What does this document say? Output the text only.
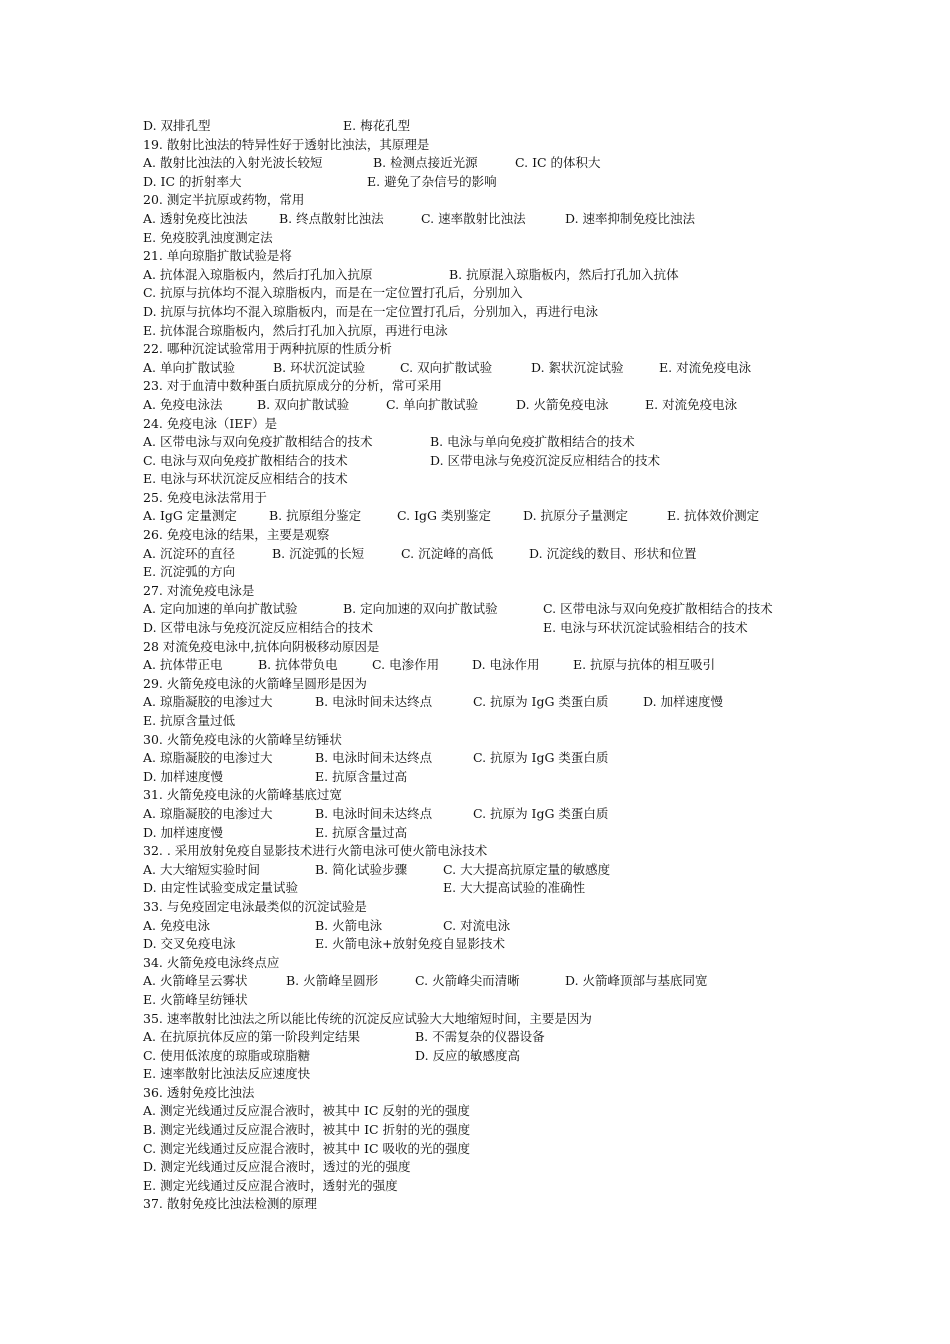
D. 双排孔型	E. 梅花孔型
19. 散射比浊法的特异性好于透射比浊法，其原理是
A. 散射比浊法的入射光波长较短	B. 检测点接近光源	C. IC 的体积大
D. IC 的折射率大	E. 避免了杂信号的影响
20. 测定半抗原或药物，常用
A. 透射免疫比浊法	B. 终点散射比浊法	C. 速率散射比浊法	D. 速率抑制免疫比浊法
E. 免疫胶乳浊度测定法
21. 单向琼脂扩散试验是将
A. 抗体混入琼脂板内，然后打孔加入抗原	B. 抗原混入琼脂板内，然后打孔加入抗体
C. 抗原与抗体均不混入琼脂板内，而是在一定位置打孔后，分别加入
D. 抗原与抗体均不混入琼脂板内，而是在一定位置打孔后，分别加入，再进行电泳
E. 抗体混合琼脂板内，然后打孔加入抗原，再进行电泳
22. 哪种沉淀试验常用于两种抗原的性质分析
A. 单向扩散试验	B. 环状沉淀试验	C. 双向扩散试验	D. 絮状沉淀试验	E. 对流免疫电泳
23. 对于血清中数种蛋白质抗原成分的分析，常可采用
A. 免疫电泳法	B. 双向扩散试验	C. 单向扩散试验	D. 火箭免疫电泳	E. 对流免疫电泳
24. 免疫电泳（IEF）是
A. 区带电泳与双向免疫扩散相结合的技术	B. 电泳与单向免疫扩散相结合的技术
C. 电泳与双向免疫扩散相结合的技术	D. 区带电泳与免疫沉淀反应相结合的技术
E. 电泳与环状沉淀反应相结合的技术
25. 免疫电泳法常用于
A. IgG 定量测定	B. 抗原组分鉴定	C. IgG 类别鉴定	D. 抗原分子量测定	E. 抗体效价测定
26. 免疫电泳的结果，主要是观察
A. 沉淀环的直径	B. 沉淀弧的长短	C. 沉淀峰的高低	D. 沉淀线的数目、形状和位置
E. 沉淀弧的方向
27. 对流免疫电泳是
A. 定向加速的单向扩散试验	B. 定向加速的双向扩散试验	C. 区带电泳与双向免疫扩散相结合的技术
D. 区带电泳与免疫沉淀反应相结合的技术	E. 电泳与环状沉淀试验相结合的技术
28 对流免疫电泳中,抗体向阴极移动原因是
A. 抗体带正电	B. 抗体带负电	C. 电渗作用	D. 电泳作用	E. 抗原与抗体的相互吸引
29. 火箭免疫电泳的火箭峰呈圆形是因为
A. 琼脂凝胶的电渗过大	B. 电泳时间未达终点	C. 抗原为 IgG 类蛋白质	D. 加样速度慢
E. 抗原含量过低
30. 火箭免疫电泳的火箭峰呈纺锤状
A. 琼脂凝胶的电渗过大	B. 电泳时间未达终点	C. 抗原为 IgG 类蛋白质
D. 加样速度慢	E. 抗原含量过高
31. 火箭免疫电泳的火箭峰基底过宽
A. 琼脂凝胶的电渗过大	B. 电泳时间未达终点	C. 抗原为 IgG 类蛋白质
D. 加样速度慢	E. 抗原含量过高
32. . 采用放射免疫自显影技术进行火箭电泳可使火箭电泳技术
A. 大大缩短实验时间	B. 简化试验步骤	C. 大大提高抗原定量的敏感度
D. 由定性试验变成定量试验	E. 大大提高试验的准确性
33. 与免疫固定电泳最类似的沉淀试验是
A. 免疫电泳	B. 火箭电泳	C. 对流电泳
D. 交叉免疫电泳	E. 火箭电泳+放射免疫自显影技术
34. 火箭免疫电泳终点应
A. 火箭峰呈云雾状	B. 火箭峰呈圆形	C. 火箭峰尖而清晰	D. 火箭峰顶部与基底同宽
E. 火箭峰呈纺锤状
35. 速率散射比浊法之所以能比传统的沉淀反应试验大大地缩短时间，主要是因为
A. 在抗原抗体反应的第一阶段判定结果	B. 不需复杂的仪器设备
C. 使用低浓度的琼脂或琼脂糖	D. 反应的敏感度高
E. 速率散射比浊法反应速度快
36. 透射免疫比浊法
A. 测定光线通过反应混合液时，被其中 IC 反射的光的强度
B. 测定光线通过反应混合液时，被其中 IC 折射的光的强度
C. 测定光线通过反应混合液时，被其中 IC 吸收的光的强度
D. 测定光线通过反应混合液时，透过的光的强度
E. 测定光线通过反应混合液时，透射光的强度
37. 散射免疫比浊法检测的原理
